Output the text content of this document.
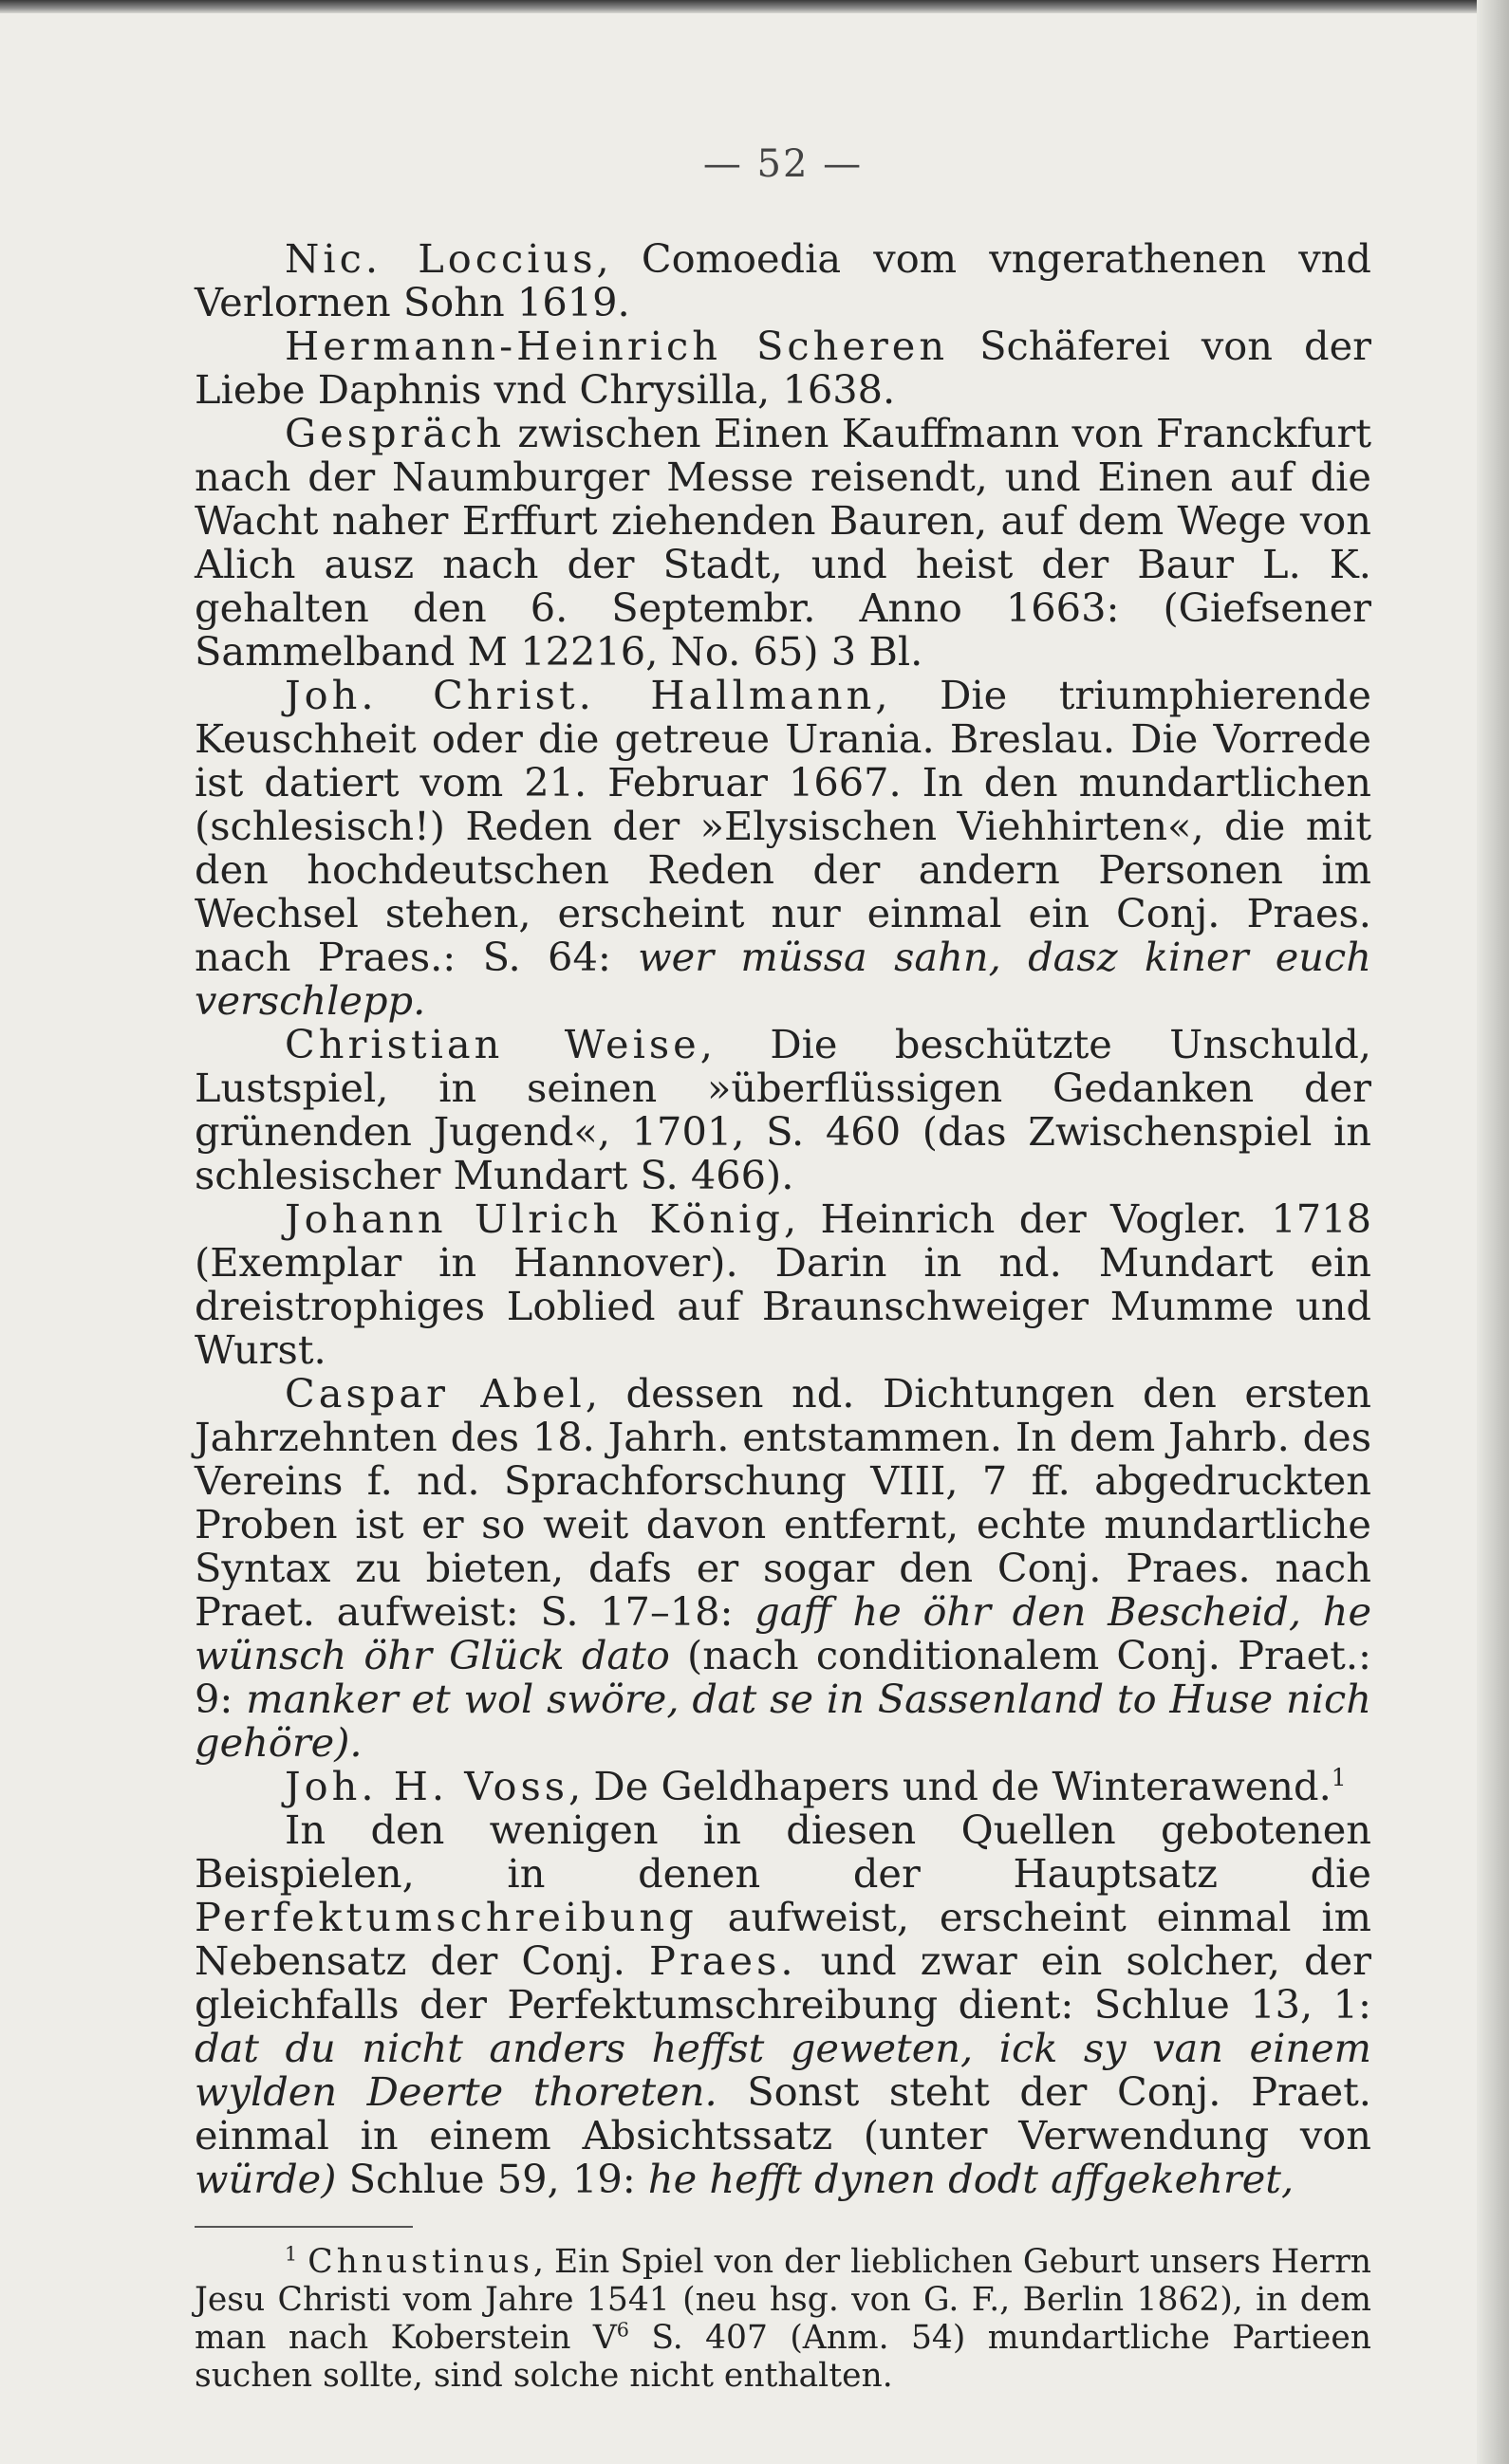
— 52 —

Nic. Loccius, Comoedia vom vngerathenen vnd Verlornen Sohn 1619.

Hermann-Heinrich Scheren Schäferei von der Liebe Daphnis vnd Chrysilla, 1638.

Gespräch zwischen Einen Kauffmann von Franckfurt nach der Naumburger Messe reisendt, und Einen auf die Wacht naher Erffurt ziehenden Bauren, auf dem Wege von Alich ausz nach der Stadt, und heist der Baur L. K. gehalten den 6. Septembr. Anno 1663: (Giefsener Sammelband M 12216, No. 65) 3 Bl.

Joh. Christ. Hallmann, Die triumphierende Keuschheit oder die getreue Urania. Breslau. Die Vorrede ist datiert vom 21. Februar 1667. In den mundartlichen (schlesisch!) Reden der »Elysischen Viehhirten«, die mit den hochdeutschen Reden der andern Personen im Wechsel stehen, erscheint nur einmal ein Conj. Praes. nach Praes.: S. 64: wer müssa sahn, dasz kiner euch verschlepp.

Christian Weise, Die beschützte Unschuld, Lustspiel, in seinen »überflüssigen Gedanken der grünenden Jugend«, 1701, S. 460 (das Zwischenspiel in schlesischer Mundart S. 466).

Johann Ulrich König, Heinrich der Vogler. 1718 (Exemplar in Hannover). Darin in nd. Mundart ein dreistrophiges Loblied auf Braunschweiger Mumme und Wurst.

Caspar Abel, dessen nd. Dichtungen den ersten Jahrzehnten des 18. Jahrh. entstammen. In dem Jahrb. des Vereins f. nd. Sprachforschung VIII, 7 ff. abgedruckten Proben ist er so weit davon entfernt, echte mundartliche Syntax zu bieten, dafs er sogar den Conj. Praes. nach Praet. aufweist: S. 17–18: gaff he öhr den Bescheid, he wünsch öhr Glück dato (nach conditionalem Conj. Praet.: 9: manker et wol swöre, dat se in Sassenland to Huse nich gehöre).

Joh. H. Voss, De Geldhapers und de Winterawend.$^1$

In den wenigen in diesen Quellen gebotenen Beispielen, in denen der Hauptsatz die Perfektumschreibung aufweist, erscheint einmal im Nebensatz der Conj. Praes. und zwar ein solcher, der gleichfalls der Perfektumschreibung dient: Schlue 13, 1: dat du nicht anders heffst geweten, ick sy van einem wylden Deerte thoreten. Sonst steht der Conj. Praet. einmal in einem Absichtssatz (unter Verwendung von würde) Schlue 59, 19: he hefft dynen dodt affgekehret,

$^1$ Chnustinus, Ein Spiel von der lieblichen Geburt unsers Herrn Jesu Christi vom Jahre 1541 (neu hsg. von G. F., Berlin 1862), in dem man nach Koberstein $V^6$ S. 407 (Anm. 54) mundartliche Partieen suchen sollte, sind solche nicht enthalten.
